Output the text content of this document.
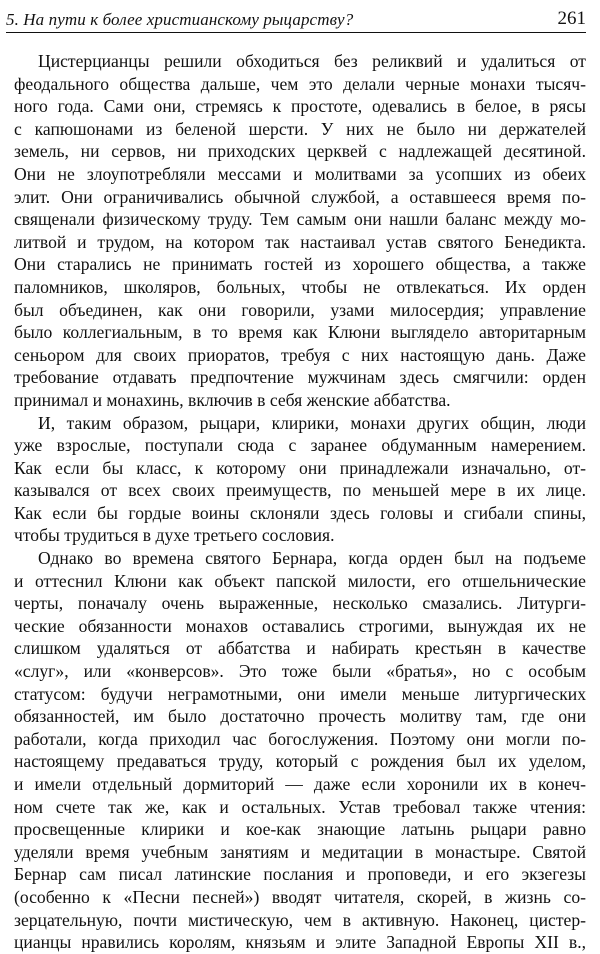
5. На пути к более христианскому рыцарству?	261
Цистерцианцы решили обходиться без реликвий и удалиться от
феодального общества дальше, чем это делали черные монахи тысяч-
ного года. Сами они, стремясь к простоте, одевались в белое, в рясы
с капюшонами из беленой шерсти. У них не было ни держателей
земель, ни сервов, ни приходских церквей с надлежащей десятиной.
Они не злоупотребляли мессами и молитвами за усопших из обеих
элит. Они ограничивались обычной службой, а оставшееся время по-
священали физическому труду. Тем самым они нашли баланс между мо-
литвой и трудом, на котором так настаивал устав святого Бенедикта.
Они старались не принимать гостей из хорошего общества, а также
паломников, школяров, больных, чтобы не отвлекаться. Их орден
был объединен, как они говорили, узами милосердия; управление
было коллегиальным, в то время как Клюни выглядело авторитарным
сеньором для своих приоратов, требуя с них настоящую дань. Даже
требование отдавать предпочтение мужчинам здесь смягчили: орден
принимал и монахинь, включив в себя женские аббатства.
И, таким образом, рыцари, клирики, монахи других общин, люди
уже взрослые, поступали сюда с заранее обдуманным намерением.
Как если бы класс, к которому они принадлежали изначально, от-
казывался от всех своих преимуществ, по меньшей мере в их лице.
Как если бы гордые воины склоняли здесь головы и сгибали спины,
чтобы трудиться в духе третьего сословия.
Однако во времена святого Бернара, когда орден был на подъеме
и оттеснил Клюни как объект папской милости, его отшельнические
черты, поначалу очень выраженные, несколько смазались. Литурги-
ческие обязанности монахов оставались строгими, вынуждая их не
слишком удаляться от аббатства и набирать крестьян в качестве
«слуг», или «конверсов». Это тоже были «братья», но с особым
статусом: будучи неграмотными, они имели меньше литургических
обязанностей, им было достаточно прочесть молитву там, где они
работали, когда приходил час богослужения. Поэтому они могли по-
настоящему предаваться труду, который с рождения был их уделом,
и имели отдельный дормиторий — даже если хоронили их в конеч-
ном счете так же, как и остальных. Устав требовал также чтения:
просвещенные клирики и кое-как знающие латынь рыцари равно
уделяли время учебным занятиям и медитации в монастыре. Святой
Бернар сам писал латинские послания и проповеди, и его экзегезы
(особенно к «Песни песней») вводят читателя, скорей, в жизнь со-
зерцательную, почти мистическую, чем в активную. Наконец, цистер-
цианцы нравились королям, князьям и элите Западной Европы XII в.,
